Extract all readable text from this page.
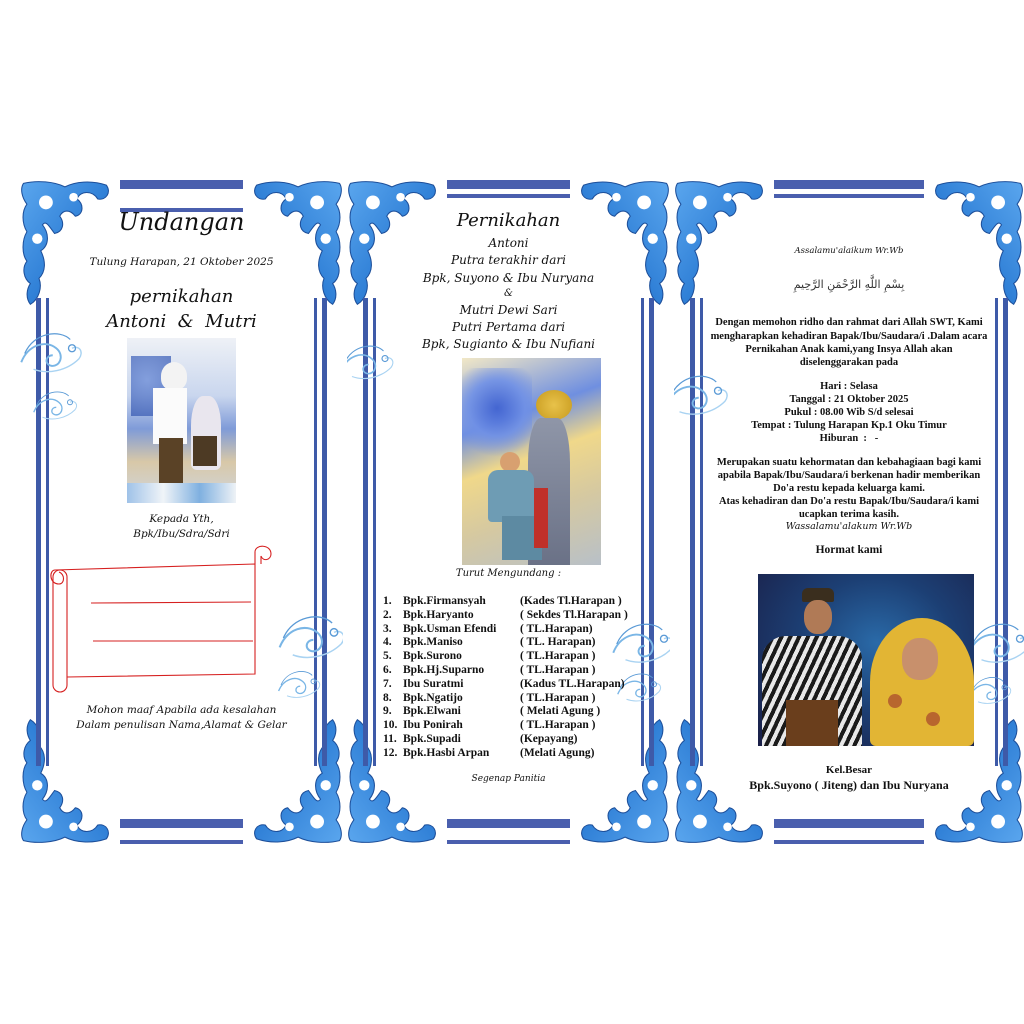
Undangan
Tulung Harapan, 21 Oktober 2025
pernikahan
Antoni  &  Mutri
Kepada Yth,
Bpk/Ibu/Sdra/Sdri
Mohon maaf Apabila ada kesalahan
Dalam penulisan Nama,Alamat & Gelar
Pernikahan
Antoni
Putra terakhir dari
Bpk, Suyono & Ibu Nuryana
&
Mutri Dewi Sari
Putri Pertama dari
Bpk, Sugianto & Ibu Nufiani
Turut Mengundang :
1. Bpk.Firmansyah	(Kades Tl.Harapan )
2. Bpk.Haryanto	( Sekdes Tl.Harapan )
3. Bpk.Usman Efendi	( TL.Harapan)
4. Bpk.Maniso	( TL. Harapan)
5. Bpk.Surono	( TL.Harapan )
6. Bpk.Hj.Suparno	( TL.Harapan )
7. Ibu Suratmi	(Kadus TL.Harapan)
8. Bpk.Ngatijo	( TL.Harapan )
9. Bpk.Elwani	( Melati Agung )
10. Ibu Ponirah	( TL.Harapan )
11. Bpk.Supadi	(Kepayang)
12. Bpk.Hasbi Arpan	(Melati Agung)
Segenap Panitia
Assalamu'alaikum Wr.Wb
بِسْمِ اللَّهِ الرَّحْمَنِ الرَّحِيمِ
Dengan memohon ridho dan rahmat dari Allah SWT, Kami
mengharapkan kehadiran Bapak/Ibu/Saudara/i .Dalam acara
Pernikahan Anak kami,yang Insya Allah akan
diselenggarakan pada
Hari : Selasa
Tanggal : 21 Oktober 2025
Pukul : 08.00 Wib S/d selesai
Tempat : Tulung Harapan Kp.1 Oku Timur
Hiburan  :   -
Merupakan suatu kehormatan dan kebahagiaan bagi kami
apabila Bapak/Ibu/Saudara/i berkenan hadir memberikan
Do'a restu kepada keluarga kami.
Atas kehadiran dan Do'a restu Bapak/Ibu/Saudara/i kami
ucapkan terima kasih.
Wassalamu'alakum Wr.Wb
Hormat kami
Kel.Besar
Bpk.Suyono ( Jiteng) dan Ibu Nuryana
